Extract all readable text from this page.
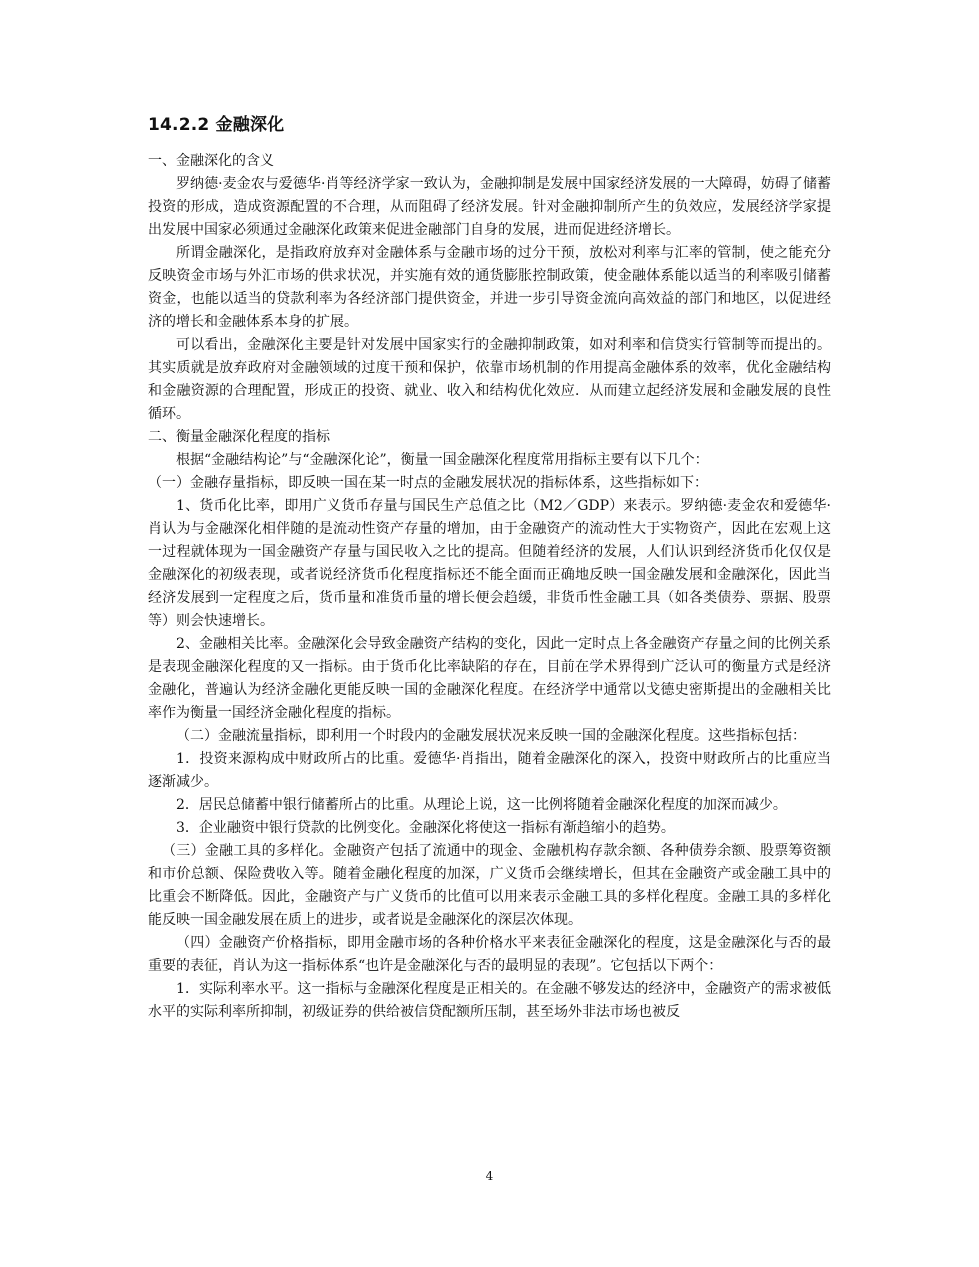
14.2.2 金融深化

一、金融深化的含义

罗纳德·麦金农与爱德华·肖等经济学家一致认为，金融抑制是发展中国家经济发展的一大障碍，妨碍了储蓄投资的形成，造成资源配置的不合理，从而阻碍了经济发展。针对金融抑制所产生的负效应，发展经济学家提出发展中国家必须通过金融深化政策来促进金融部门自身的发展，进而促进经济增长。

所谓金融深化，是指政府放弃对金融体系与金融市场的过分干预，放松对利率与汇率的管制，使之能充分反映资金市场与外汇市场的供求状况，并实施有效的通货膨胀控制政策，使金融体系能以适当的利率吸引储蓄资金，也能以适当的贷款利率为各经济部门提供资金，并进一步引导资金流向高效益的部门和地区，以促进经济的增长和金融体系本身的扩展。

可以看出，金融深化主要是针对发展中国家实行的金融抑制政策，如对利率和信贷实行管制等而提出的。其实质就是放弃政府对金融领域的过度干预和保护，依靠市场机制的作用提高金融体系的效率，优化金融结构和金融资源的合理配置，形成正的投资、就业、收入和结构优化效应．从而建立起经济发展和金融发展的良性循环。

二、衡量金融深化程度的指标

根据“金融结构论”与“金融深化论”，衡量一国金融深化程度常用指标主要有以下几个：

（一）金融存量指标，即反映一国在某一时点的金融发展状况的指标体系，这些指标如下：

1、货币化比率，即用广义货币存量与国民生产总值之比（M2／GDP）来表示。罗纳德·麦金农和爱德华·肖认为与金融深化相伴随的是流动性资产存量的增加，由于金融资产的流动性大于实物资产，因此在宏观上这一过程就体现为一国金融资产存量与国民收入之比的提高。但随着经济的发展，人们认识到经济货币化仅仅是金融深化的初级表现，或者说经济货币化程度指标还不能全面而正确地反映一国金融发展和金融深化，因此当经济发展到一定程度之后，货币量和准货币量的增长便会趋缓，非货币性金融工具（如各类债券、票据、股票等）则会快速增长。

2、金融相关比率。金融深化会导致金融资产结构的变化，因此一定时点上各金融资产存量之间的比例关系是表现金融深化程度的又一指标。由于货币化比率缺陷的存在，目前在学术界得到广泛认可的衡量方式是经济金融化，普遍认为经济金融化更能反映一国的金融深化程度。在经济学中通常以戈德史密斯提出的金融相关比率作为衡量一国经济金融化程度的指标。

（二）金融流量指标，即利用一个时段内的金融发展状况来反映一国的金融深化程度。这些指标包括：

1．投资来源构成中财政所占的比重。爱德华·肖指出，随着金融深化的深入，投资中财政所占的比重应当逐渐减少。

2．居民总储蓄中银行储蓄所占的比重。从理论上说，这一比例将随着金融深化程度的加深而减少。

3．企业融资中银行贷款的比例变化。金融深化将使这一指标有渐趋缩小的趋势。

（三）金融工具的多样化。金融资产包括了流通中的现金、金融机构存款余额、各种债券余额、股票筹资额和市价总额、保险费收入等。随着金融化程度的加深，广义货币会继续增长，但其在金融资产或金融工具中的比重会不断降低。因此，金融资产与广义货币的比值可以用来表示金融工具的多样化程度。金融工具的多样化能反映一国金融发展在质上的进步，或者说是金融深化的深层次体现。

（四）金融资产价格指标，即用金融市场的各种价格水平来表征金融深化的程度，这是金融深化与否的最重要的表征，肖认为这一指标体系“也许是金融深化与否的最明显的表现”。它包括以下两个：

1．实际利率水平。这一指标与金融深化程度是正相关的。在金融不够发达的经济中，金融资产的需求被低水平的实际利率所抑制，初级证券的供给被信贷配额所压制，甚至场外非法市场也被反

4
